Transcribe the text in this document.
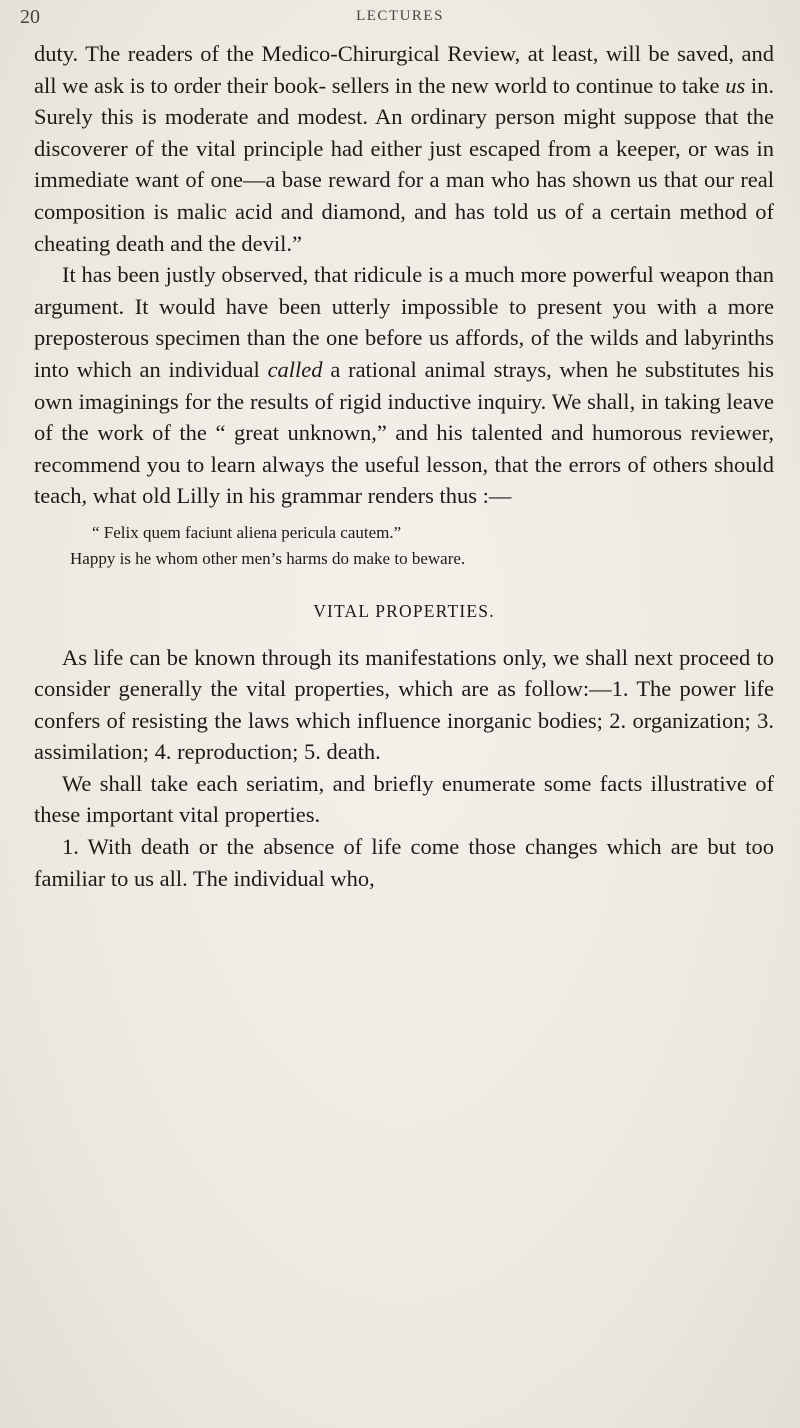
20	LECTURES

duty. The readers of the Medico-Chirurgical Review, at least, will be saved, and all we ask is to order their book- sellers in the new world to continue to take us in. Surely this is moderate and modest. An ordinary person might suppose that the discoverer of the vital principle had either just escaped from a keeper, or was in immediate want of one—a base reward for a man who has shown us that our real composition is malic acid and diamond, and has told us of a certain method of cheating death and the devil.”

It has been justly observed, that ridicule is a much more powerful weapon than argument. It would have been utterly impossible to present you with a more preposterous specimen than the one before us affords, of the wilds and labyrinths into which an individual called a rational animal strays, when he substitutes his own imaginings for the results of rigid inductive inquiry. We shall, in taking leave of the work of the “ great unknown,” and his talented and humorous reviewer, recommend you to learn always the useful lesson, that the errors of others should teach, what old Lilly in his grammar renders thus :—

“ Felix quem faciunt aliena pericula cautem.”
Happy is he whom other men’s harms do make to beware.
VITAL PROPERTIES.

As life can be known through its manifestations only, we shall next proceed to consider generally the vital properties, which are as follow:—1. The power life confers of resisting the laws which influence inorganic bodies; 2. organization; 3. assimilation; 4. reproduction; 5. death.

We shall take each seriatim, and briefly enumerate some facts illustrative of these important vital properties.

1. With death or the absence of life come those changes which are but too familiar to us all. The individual who,
